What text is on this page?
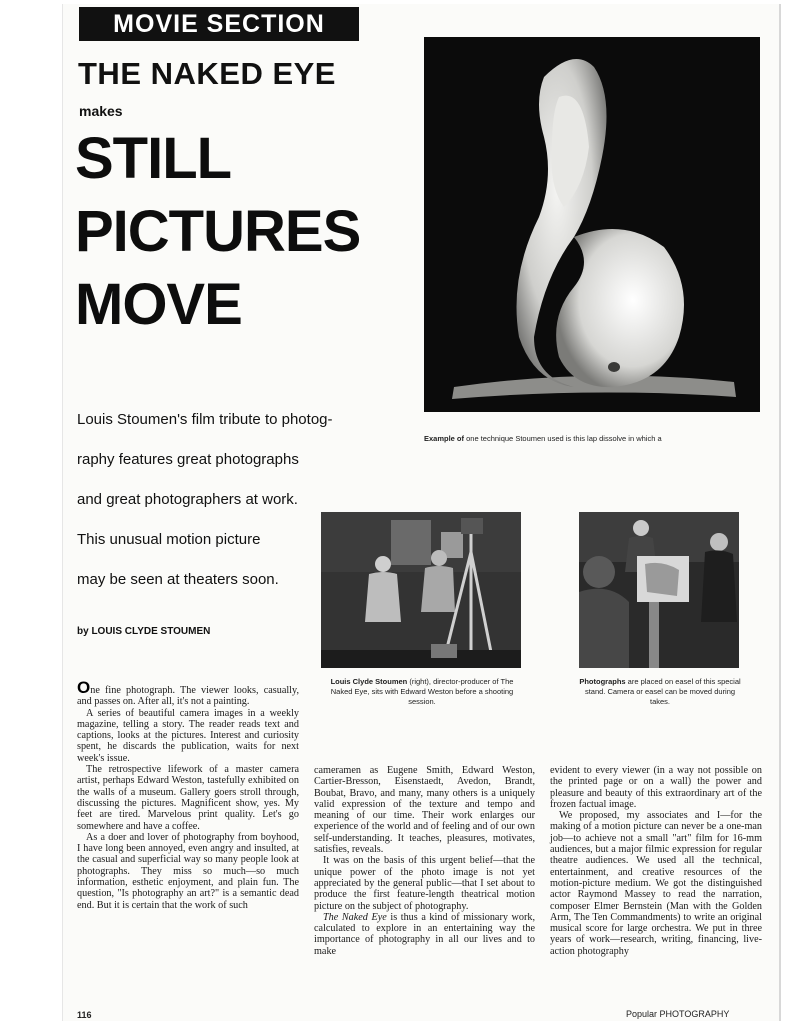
MOVIE SECTION
THE NAKED EYE
makes
STILL
PICTURES
MOVE
Example of one technique Stoumen used is this lap dissolve in which a
Louis Stoumen's film tribute to photog-
raphy features great photographs
and great photographers at work.
This unusual motion picture
may be seen at theaters soon.
by LOUIS CLYDE STOUMEN
Louis Clyde Stoumen (right), director-producer of The Naked Eye, sits with Edward Weston before a shooting session.
Photographs are placed on easel of this special stand. Camera or easel can be moved during takes.

One fine photograph. The viewer looks, casually, and passes on. After all, it's not a painting.

A series of beautiful camera images in a weekly magazine, telling a story. The reader reads text and captions, looks at the pictures. Interest and curiosity spent, he discards the publication, waits for next week's issue.

The retrospective lifework of a master camera artist, perhaps Edward Weston, tastefully exhibited on the walls of a museum. Gallery goers stroll through, discussing the pictures. Magnificent show, yes. My feet are tired. Marvelous print quality. Let's go somewhere and have a coffee.

As a doer and lover of photography from boyhood, I have long been annoyed, even angry and insulted, at the casual and superficial way so many people look at photographs. They miss so much—so much information, esthetic enjoyment, and plain fun. The question, "Is photography an art?" is a semantic dead end. But it is certain that the work of such

cameramen as Eugene Smith, Edward Weston, Cartier-Bresson, Eisenstaedt, Avedon, Brandt, Boubat, Bravo, and many, many others is a uniquely valid expression of the texture and tempo and meaning of our time. Their work enlarges our experience of the world and of feeling and of our own self-understanding. It teaches, pleasures, motivates, satisfies, reveals.

It was on the basis of this urgent belief—that the unique power of the photo image is not yet appreciated by the general public—that I set about to produce the first feature-length theatrical motion picture on the subject of photography.

The Naked Eye is thus a kind of missionary work, calculated to explore in an entertaining way the importance of photography in all our lives and to make

evident to every viewer (in a way not possible on the printed page or on a wall) the power and pleasure and beauty of this extraordinary art of the frozen factual image.

We proposed, my associates and I—for the making of a motion picture can never be a one-man job—to achieve not a small "art" film for 16-mm audiences, but a major filmic expression for regular theatre audiences. We used all the technical, entertainment, and creative resources of the motion-picture medium. We got the distinguished actor Raymond Massey to read the narration, composer Elmer Bernstein (Man with the Golden Arm, The Ten Commandments) to write an original musical score for large orchestra. We put in three years of work—research, writing, financing, live-action photography

116	Popular PHOTOGRAPHY
